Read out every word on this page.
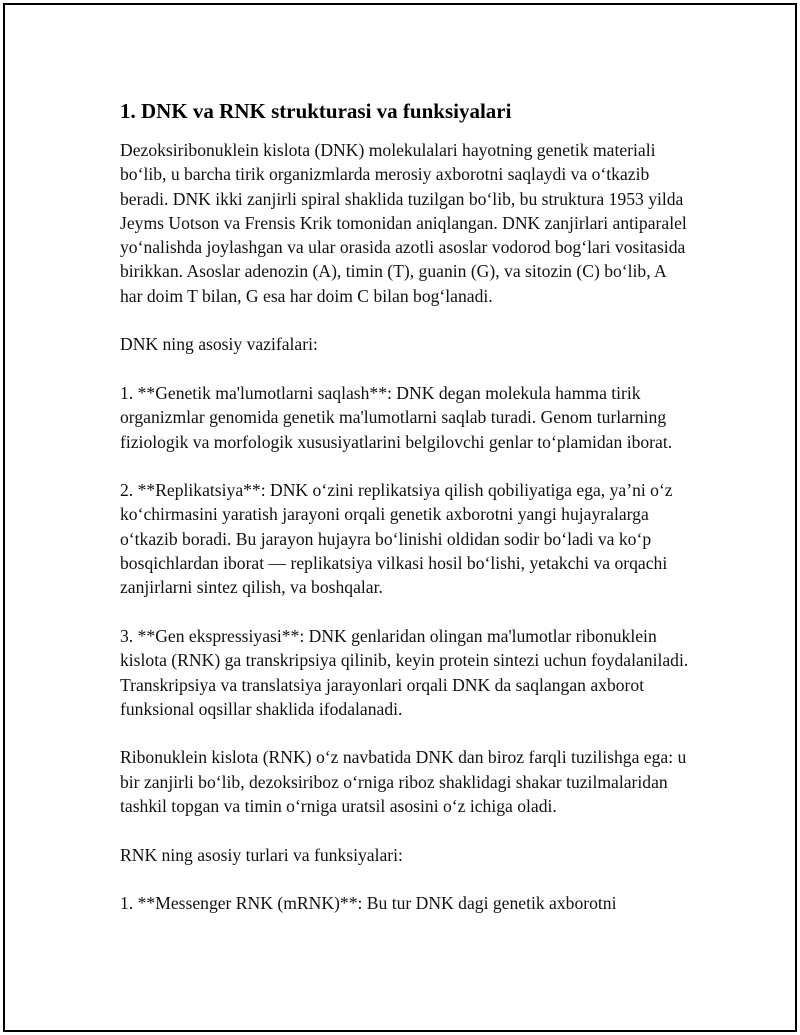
1. DNK va RNK strukturasi va funksiyalari

Dezoksiribonuklein kislota (DNK) molekulalari hayotning genetik materiali bo‘lib, u barcha tirik organizmlarda merosiy axborotni saqlaydi va o‘tkazib beradi. DNK ikki zanjirli spiral shaklida tuzilgan bo‘lib, bu struktura 1953 yilda Jeyms Uotson va Frensis Krik tomonidan aniqlangan. DNK zanjirlari antiparalel yo‘nalishda joylashgan va ular orasida azotli asoslar vodorod bog‘lari vositasida birikkan. Asoslar adenozin (A), timin (T), guanin (G), va sitozin (C) bo‘lib, A har doim T bilan, G esa har doim C bilan bog‘lanadi.

DNK ning asosiy vazifalari:

1. **Genetik ma'lumotlarni saqlash**: DNK degan molekula hamma tirik organizmlar genomida genetik ma'lumotlarni saqlab turadi. Genom turlarning fiziologik va morfologik xususiyatlarini belgilovchi genlar to‘plamidan iborat.

2. **Replikatsiya**: DNK o‘zini replikatsiya qilish qobiliyatiga ega, ya’ni o‘z ko‘chirmasini yaratish jarayoni orqali genetik axborotni yangi hujayralarga o‘tkazib boradi. Bu jarayon hujayra bo‘linishi oldidan sodir bo‘ladi va ko‘p bosqichlardan iborat — replikatsiya vilkasi hosil bo‘lishi, yetakchi va orqachi zanjirlarni sintez qilish, va boshqalar.

3. **Gen ekspressiyasi**: DNK genlaridan olingan ma'lumotlar ribonuklein kislota (RNK) ga transkripsiya qilinib, keyin protein sintezi uchun foydalaniladi. Transkripsiya va translatsiya jarayonlari orqali DNK da saqlangan axborot funksional oqsillar shaklida ifodalanadi.

Ribonuklein kislota (RNK) o‘z navbatida DNK dan biroz farqli tuzilishga ega: u bir zanjirli bo‘lib, dezoksiriboz o‘rniga riboz shaklidagi shakar tuzilmalaridan tashkil topgan va timin o‘rniga uratsil asosini o‘z ichiga oladi.

RNK ning asosiy turlari va funksiyalari:

1. **Messenger RNK (mRNK)**: Bu tur DNK dagi genetik axborotni
